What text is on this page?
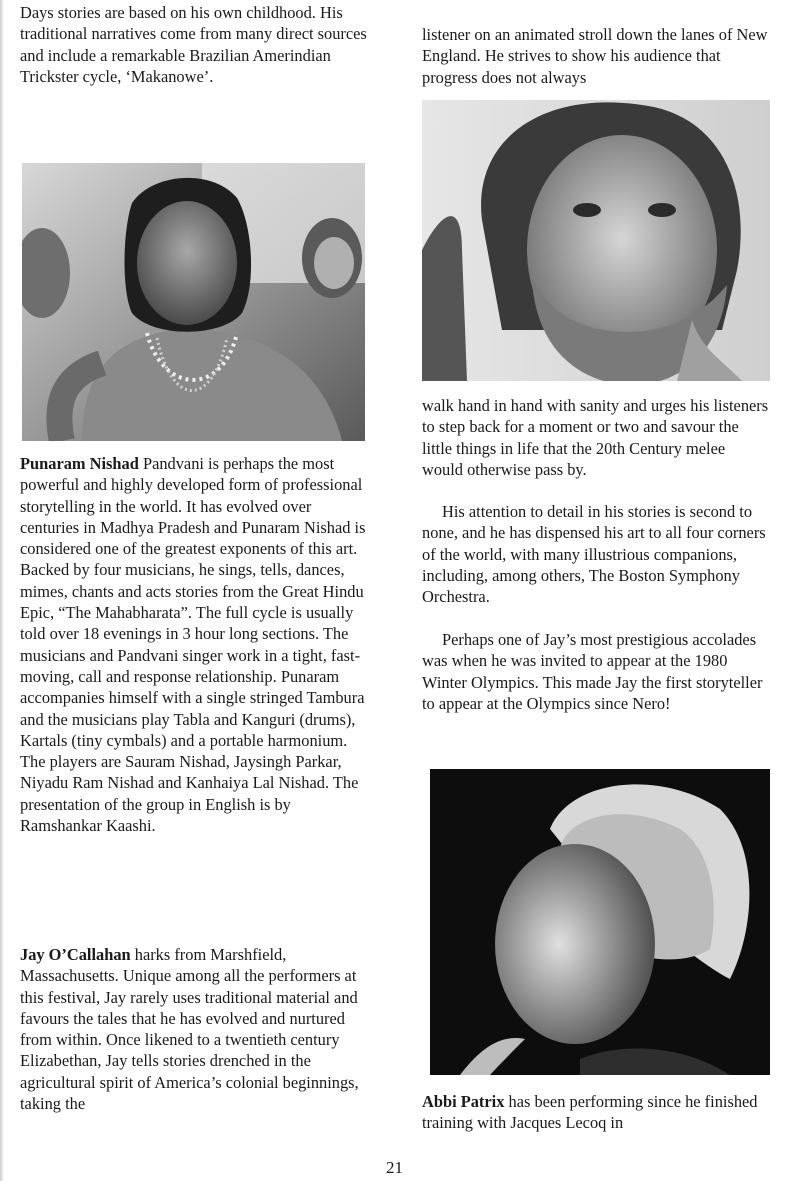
Days stories are based on his own childhood. His traditional narratives come from many direct sources and include a remarkable Brazilian Amerindian Trickster cycle, ‘Makanowe’.

Punaram Nishad Pandvani is perhaps the most powerful and highly developed form of professional storytelling in the world. It has evolved over centuries in Madhya Pradesh and Punaram Nishad is considered one of the greatest exponents of this art. Backed by four musicians, he sings, tells, dances, mimes, chants and acts stories from the Great Hindu Epic, “The Mahabharata”. The full cycle is usually told over 18 evenings in 3 hour long sections. The musicians and Pandvani singer work in a tight, fast-moving, call and response relationship. Punaram accompanies himself with a single stringed Tambura and the musicians play Tabla and Kanguri (drums), Kartals (tiny cymbals) and a portable harmonium. The players are Sauram Nishad, Jaysingh Parkar, Niyadu Ram Nishad and Kanhaiya Lal Nishad. The presentation of the group in English is by Ramshankar Kaashi.

Jay O’Callahan harks from Marshfield, Massachusetts. Unique among all the performers at this festival, Jay rarely uses traditional material and favours the tales that he has evolved and nurtured from within. Once likened to a twentieth century Elizabethan, Jay tells stories drenched in the agricultural spirit of America’s colonial beginnings, taking the

listener on an animated stroll down the lanes of New England. He strives to show his audience that progress does not always

walk hand in hand with sanity and urges his listeners to step back for a moment or two and savour the little things in life that the 20th Century melee would otherwise pass by.

His attention to detail in his stories is second to none, and he has dispensed his art to all four corners of the world, with many illustrious companions, including, among others, The Boston Symphony Orchestra.

Perhaps one of Jay’s most prestigious accolades was when he was invited to appear at the 1980 Winter Olympics. This made Jay the first storyteller to appear at the Olympics since Nero!

Abbi Patrix has been performing since he finished training with Jacques Lecoq in

21
